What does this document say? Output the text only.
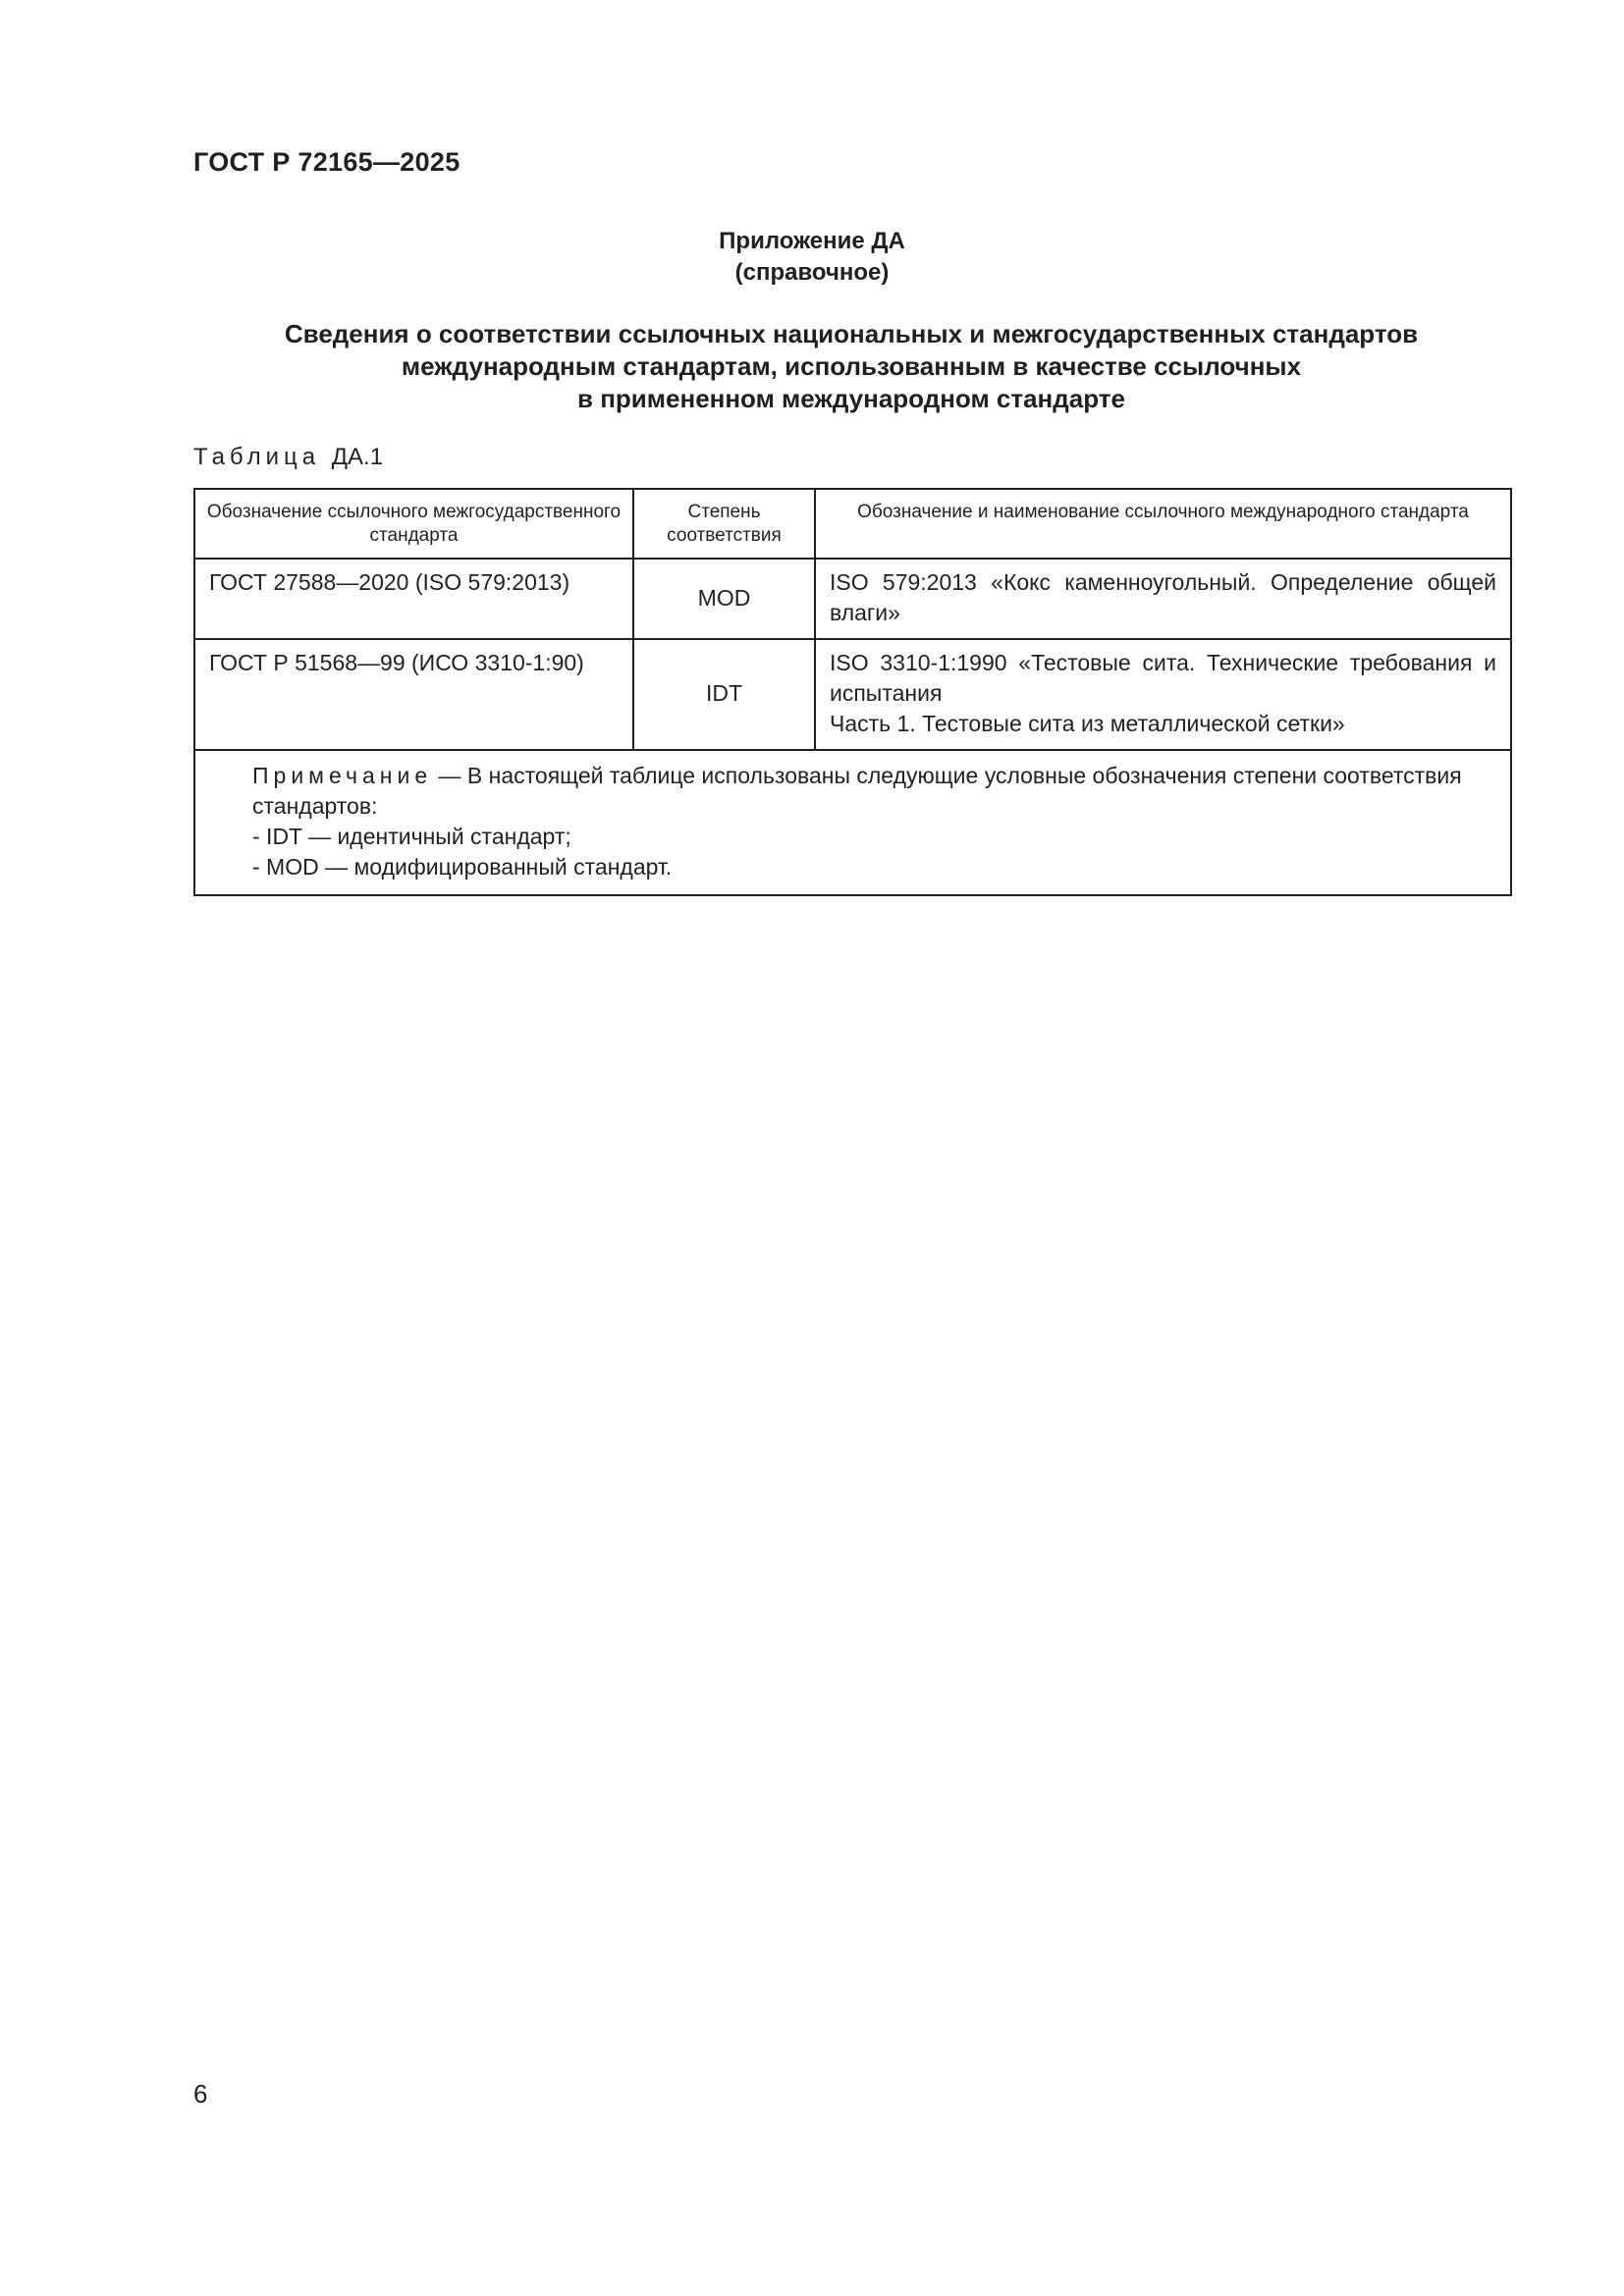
ГОСТ Р 72165—2025
Приложение ДА
(справочное)
Сведения о соответствии ссылочных национальных и межгосударственных стандартов
международным стандартам, использованным в качестве ссылочных
в примененном международном стандарте
Таблица ДА.1
Обозначение ссылочного межгосударственного стандарта	Степень соответствия	Обозначение и наименование ссылочного международного стандарта
ГОСТ 27588—2020 (ISO 579:2013)	MOD	ISO 579:2013 «Кокс каменноугольный. Определение общей влаги»
ГОСТ Р 51568—99 (ИСО 3310-1:90)	IDT	ISO 3310-1:1990 «Тестовые сита. Технические требования и испытания
Часть 1. Тестовые сита из металлической сетки»

Примечание — В настоящей таблице использованы следующие условные обозначения степени соответствия стандартов:
- IDT — идентичный стандарт;
- MOD — модифицированный стандарт.		
6
